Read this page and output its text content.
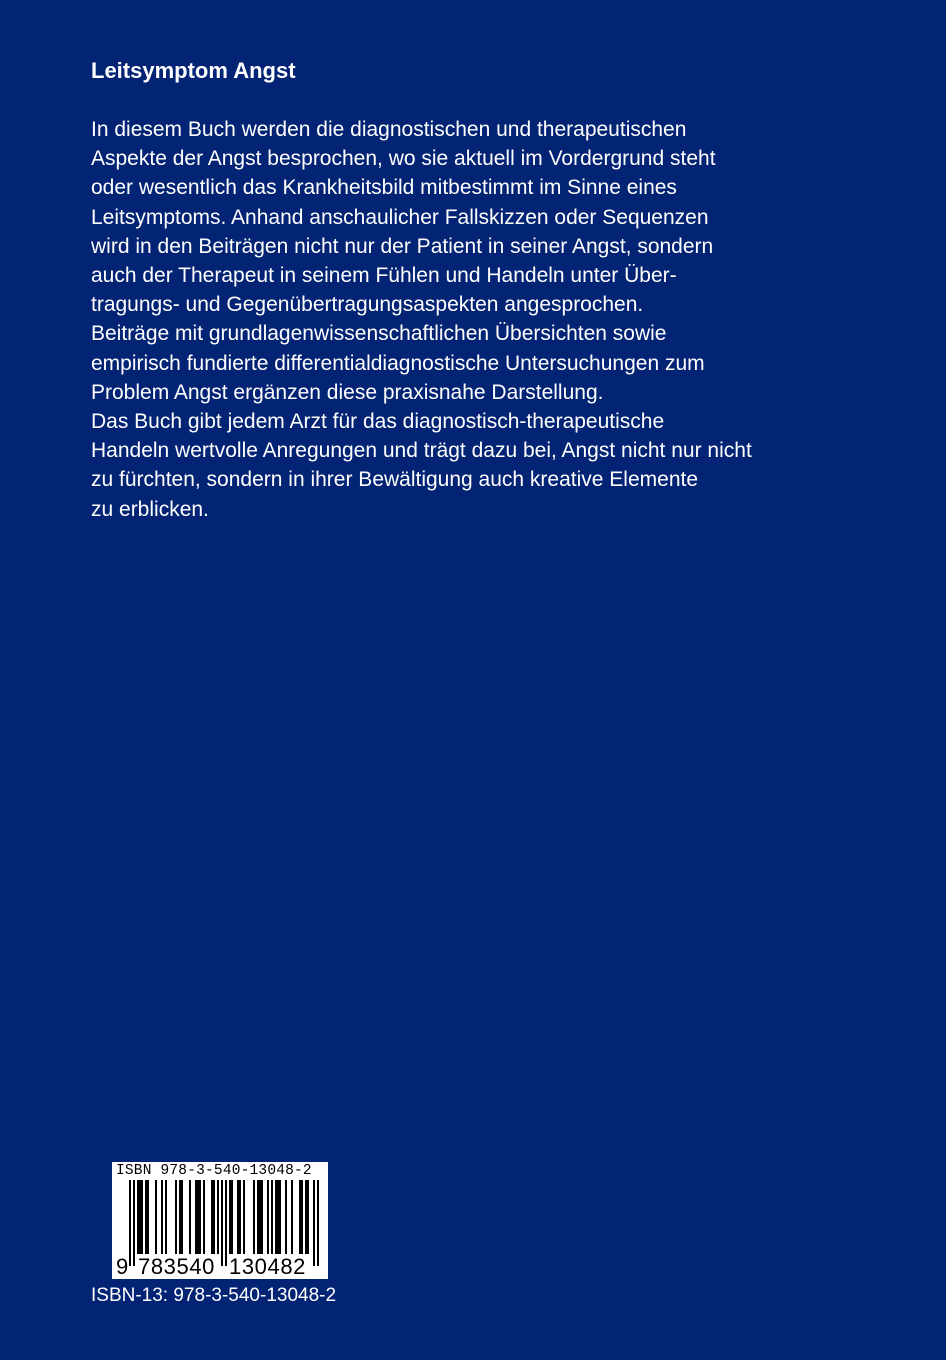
Leitsymptom Angst
In diesem Buch werden die diagnostischen und therapeutischen
Aspekte der Angst besprochen, wo sie aktuell im Vordergrund steht
oder wesentlich das Krankheitsbild mitbestimmt im Sinne eines
Leitsymptoms. Anhand anschaulicher Fallskizzen oder Sequenzen
wird in den Beiträgen nicht nur der Patient in seiner Angst, sondern
auch der Therapeut in seinem Fühlen und Handeln unter Über-
tragungs- und Gegenübertragungsaspekten angesprochen.
Beiträge mit grundlagenwissenschaftlichen Übersichten sowie
empirisch fundierte differentialdiagnostische Untersuchungen zum
Problem Angst ergänzen diese praxisnahe Darstellung.
Das Buch gibt jedem Arzt für das diagnostisch-therapeutische
Handeln wertvolle Anregungen und trägt dazu bei, Angst nicht nur nicht
zu fürchten, sondern in ihrer Bewältigung auch kreative Elemente
zu erblicken.
ISBN 978-3-540-13048-2
9 783540 130482
ISBN-13: 978-3-540-13048-2
